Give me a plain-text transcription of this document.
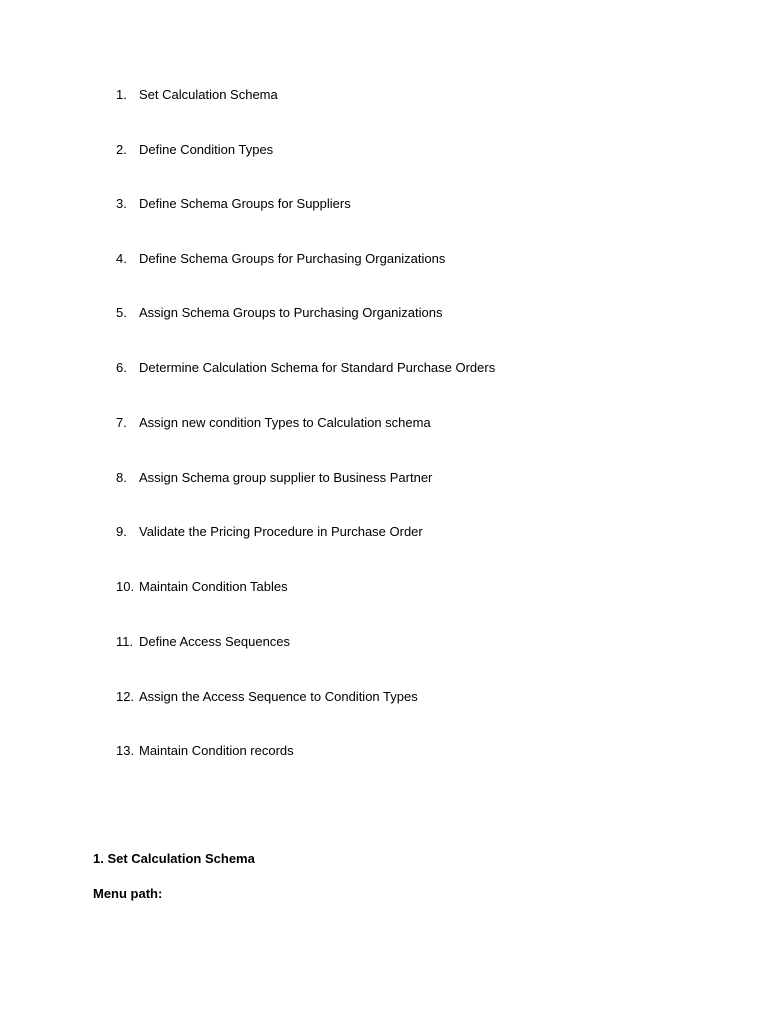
1. Set Calculation Schema
2. Define Condition Types
3. Define Schema Groups for Suppliers
4. Define Schema Groups for Purchasing Organizations
5. Assign Schema Groups to Purchasing Organizations
6. Determine Calculation Schema for Standard Purchase Orders
7. Assign new condition Types to Calculation schema
8. Assign Schema group supplier to Business Partner
9. Validate the Pricing Procedure in Purchase Order
10. Maintain Condition Tables
11. Define Access Sequences
12. Assign the Access Sequence to Condition Types
13. Maintain Condition records
1. Set Calculation Schema

Menu path:
